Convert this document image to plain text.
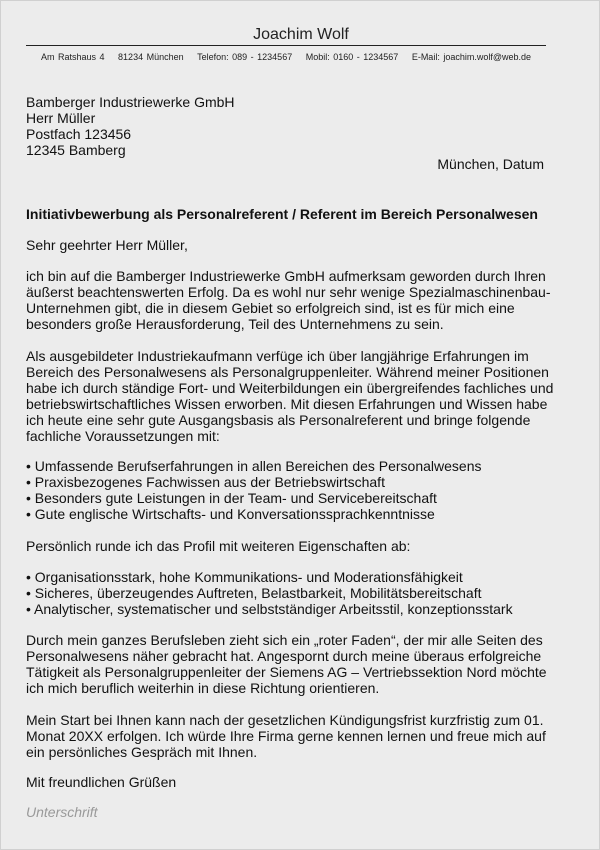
Joachim Wolf
Am Ratshaus 4 81234 München Telefon: 089 - 1234567 Mobil: 0160 - 1234567 E-Mail: joachim.wolf@web.de
Bamberger Industriewerke GmbH
Herr Müller
Postfach 123456
12345 Bamberg
München, Datum
Initiativbewerbung als Personalreferent / Referent im Bereich Personalwesen
Sehr geehrter Herr Müller,
ich bin auf die Bamberger Industriewerke GmbH aufmerksam geworden durch Ihren
äußerst beachtenswerten Erfolg. Da es wohl nur sehr wenige Spezialmaschinenbau-
Unternehmen gibt, die in diesem Gebiet so erfolgreich sind, ist es für mich eine
besonders große Herausforderung, Teil des Unternehmens zu sein.
Als ausgebildeter Industriekaufmann verfüge ich über langjährige Erfahrungen im
Bereich des Personalwesens als Personalgruppenleiter. Während meiner Positionen
habe ich durch ständige Fort- und Weiterbildungen ein übergreifendes fachliches und
betriebswirtschaftliches Wissen erworben. Mit diesen Erfahrungen und Wissen habe
ich heute eine sehr gute Ausgangsbasis als Personalreferent und bringe folgende
fachliche Voraussetzungen mit:
• Umfassende Berufserfahrungen in allen Bereichen des Personalwesens
• Praxisbezogenes Fachwissen aus der Betriebswirtschaft
• Besonders gute Leistungen in der Team- und Servicebereitschaft
• Gute englische Wirtschafts- und Konversationssprachkenntnisse
Persönlich runde ich das Profil mit weiteren Eigenschaften ab:
• Organisationsstark, hohe Kommunikations- und Moderationsfähigkeit
• Sicheres, überzeugendes Auftreten, Belastbarkeit, Mobilitätsbereitschaft
• Analytischer, systematischer und selbstständiger Arbeitsstil, konzeptionsstark
Durch mein ganzes Berufsleben zieht sich ein „roter Faden“, der mir alle Seiten des
Personalwesens näher gebracht hat. Angespornt durch meine überaus erfolgreiche
Tätigkeit als Personalgruppenleiter der Siemens AG – Vertriebssektion Nord möchte
ich mich beruflich weiterhin in diese Richtung orientieren.
Mein Start bei Ihnen kann nach der gesetzlichen Kündigungsfrist kurzfristig zum 01.
Monat 20XX erfolgen. Ich würde Ihre Firma gerne kennen lernen und freue mich auf
ein persönliches Gespräch mit Ihnen.
Mit freundlichen Grüßen
Unterschrift
